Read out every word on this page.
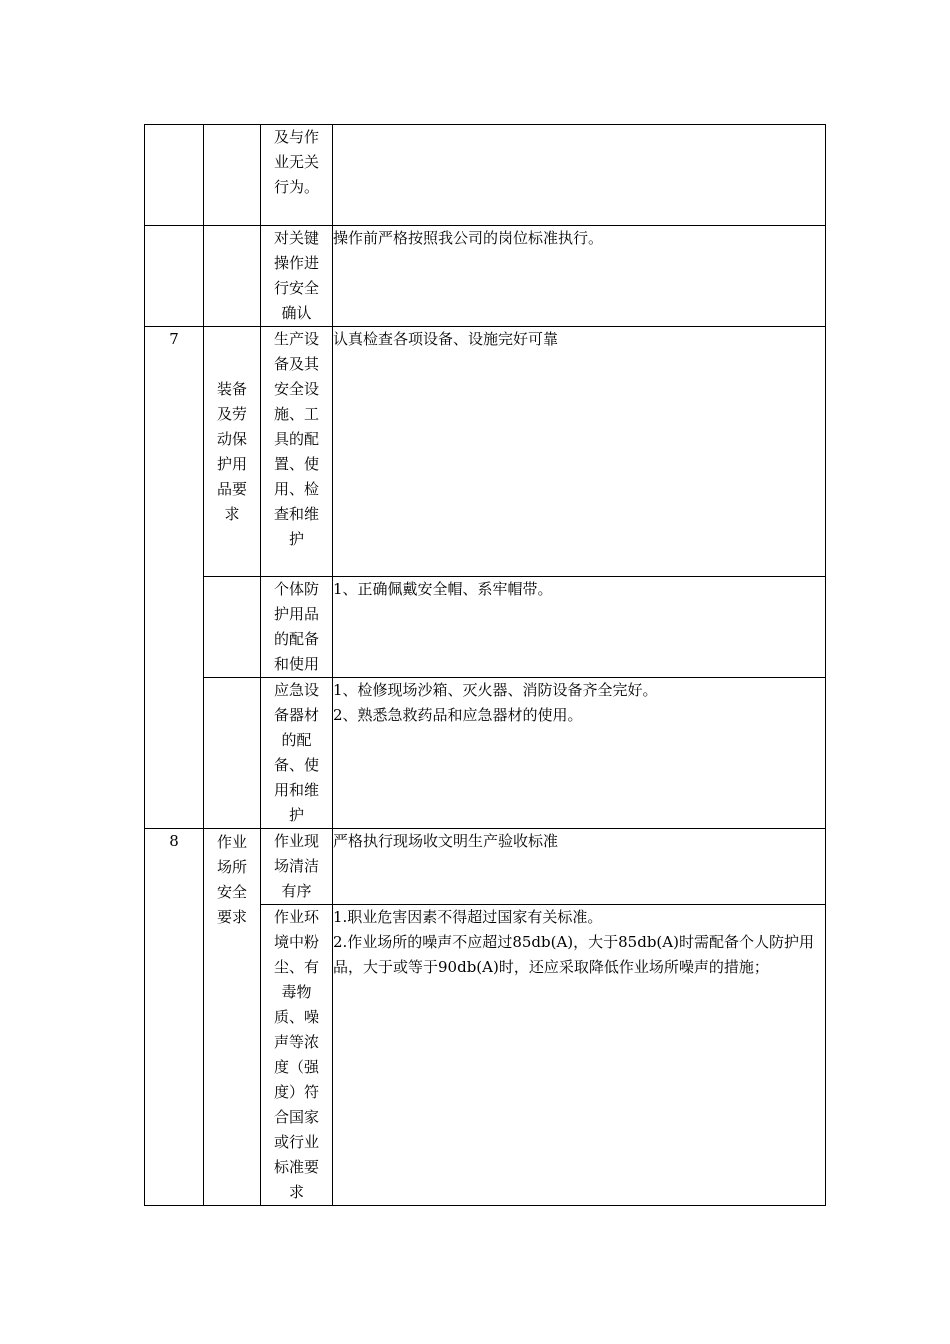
		及与作业无关行为。	

		对关键操作进行安全确认	操作前严格按照我公司的岗位标准执行。

7	装备及劳动保护用品要求	生产设备及其安全设施、工具的配置、使用、检查和维护	认真检查各项设备、设施完好可靠

		个体防护用品的配备和使用	1、正确佩戴安全帽、系牢帽带。

		应急设备器材的配备、使用和维护	1、检修现场沙箱、灭火器、消防设备齐全完好。
2、熟悉急救药品和应急器材的使用。

8	作业场所安全要求	作业现场清洁有序	严格执行现场收文明生产验收标准

		作业环境中粉尘、有毒物质、噪声等浓度（强度）符合国家或行业标准要求	1.职业危害因素不得超过国家有关标准。
2.作业场所的噪声不应超过85db(A)，大于85db(A)时需配备个人防护用品，大于或等于90db(A)时，还应采取降低作业场所噪声的措施；
